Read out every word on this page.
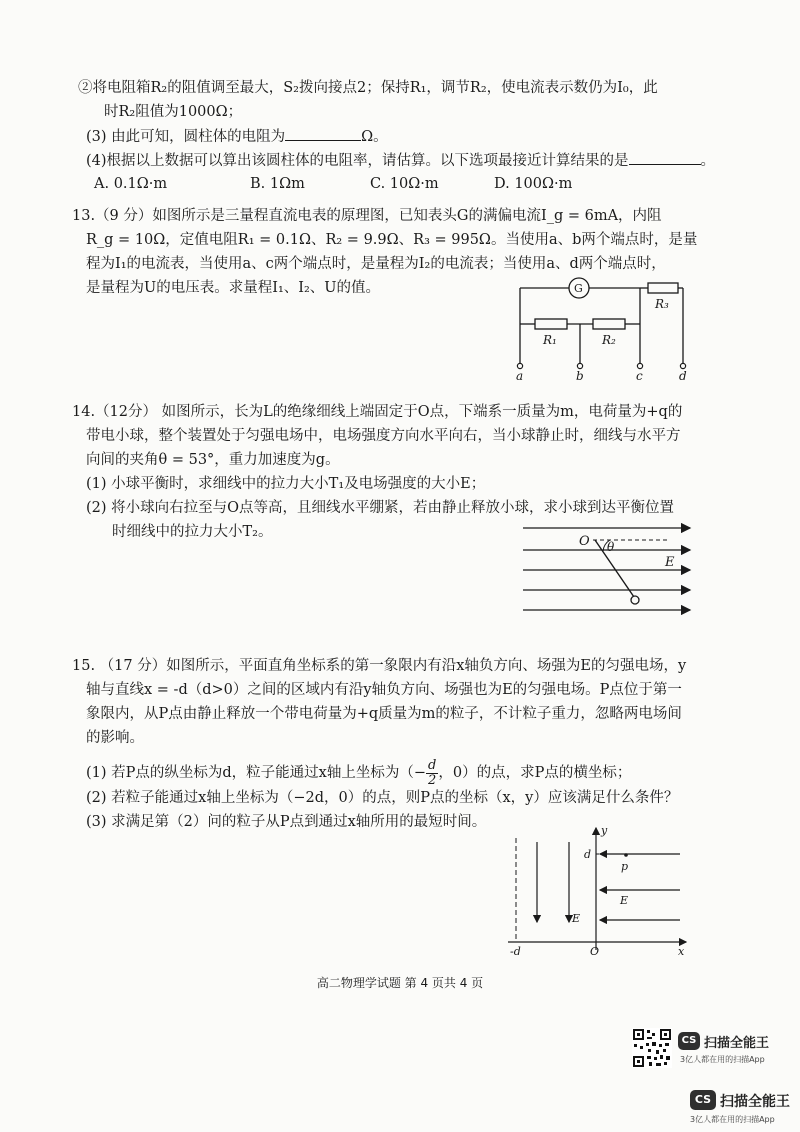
②将电阻箱R₂的阻值调至最大，S₂拨向接点2；保持R₁，调节R₂，使电流表示数仍为I₀，此
时R₂阻值为1000Ω；
(3) 由此可知，圆柱体的电阻为	Ω。
(4)根据以上数据可以算出该圆柱体的电阻率，请估算。以下选项最接近计算结果的是	。
A. 0.1Ω·m	B. 1Ωm	C. 10Ω·m	D. 100Ω·m
13.（9 分）如图所示是三量程直流电表的原理图，已知表头G的满偏电流I_g = 6mA，内阻
R_g = 10Ω，定值电阻R₁ = 0.1Ω、R₂ = 9.9Ω、R₃ = 995Ω。当使用a、b两个端点时，是量
程为I₁的电流表，当使用a、c两个端点时，是量程为I₂的电流表；当使用a、d两个端点时，
是量程为U的电压表。求量程I₁、I₂、U的值。	G
R₃
R₁	R₂
a	b	c	d
14.（12分） 如图所示，长为L的绝缘细线上端固定于O点，下端系一质量为m，电荷量为+q的
带电小球，整个装置处于匀强电场中，电场强度方向水平向右，当小球静止时，细线与水平方
向间的夹角θ = 53°，重力加速度为g。
(1) 小球平衡时，求细线中的拉力大小T₁及电场强度的大小E；
(2) 将小球向右拉至与O点等高，且细线水平绷紧，若由静止释放小球，求小球到达平衡位置
时细线中的拉力大小T₂。
O θ
E
15. （17 分）如图所示，平面直角坐标系的第一象限内有沿x轴负方向、场强为E的匀强电场，y
轴与直线x = -d（d>0）之间的区域内有沿y轴负方向、场强也为E的匀强电场。P点位于第一
象限内，从P点由静止释放一个带电荷量为+q质量为m的粒子，不计粒子重力，忽略两电场间
的影响。
(1) 若P点的纵坐标为d，粒子能通过x轴上坐标为（− $\frac{d}{2}$ ，0）的点，求P点的横坐标；
(2) 若粒子能通过x轴上坐标为（−2d，0）的点，则P点的坐标（x，y）应该满足什么条件？
(3) 求满足第（2）问的粒子从P点到通过x轴所用的最短时间。
y
d
p
E
E
-d	O	x
高二物理学试题 第 4 页共 4 页
CS 扫描全能王
3亿人都在用的扫描App
CS 扫描全能王
3亿人都在用的扫描App
